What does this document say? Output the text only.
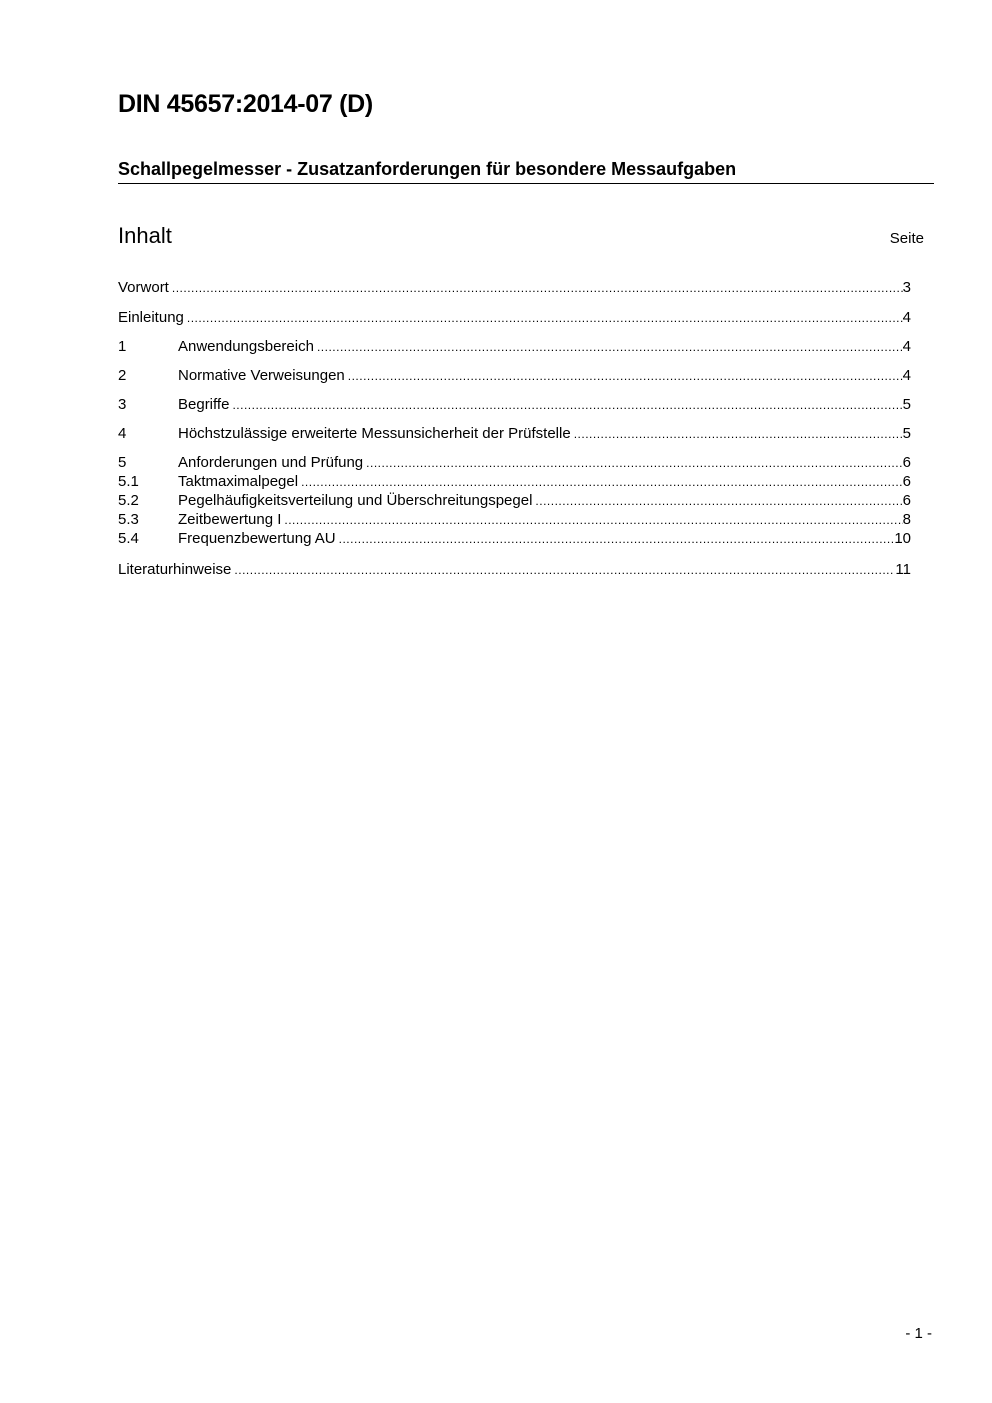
DIN 45657:2014-07 (D)
Schallpegelmesser - Zusatzanforderungen für besondere Messaufgaben
Inhalt	Seite
Vorwort .....	3
Einleitung .....	4
1	Anwendungsbereich .....	4
2	Normative Verweisungen .....	4
3	Begriffe .....	5
4	Höchstzulässige erweiterte Messunsicherheit der Prüfstelle .....	5
5	Anforderungen und Prüfung .....	6
5.1	Taktmaximalpegel .....	6
5.2	Pegelhäufigkeitsverteilung und Überschreitungspegel .....	6
5.3	Zeitbewertung I .....	8
5.4	Frequenzbewertung AU .....	10
Literaturhinweise .....	11
- 1 -
